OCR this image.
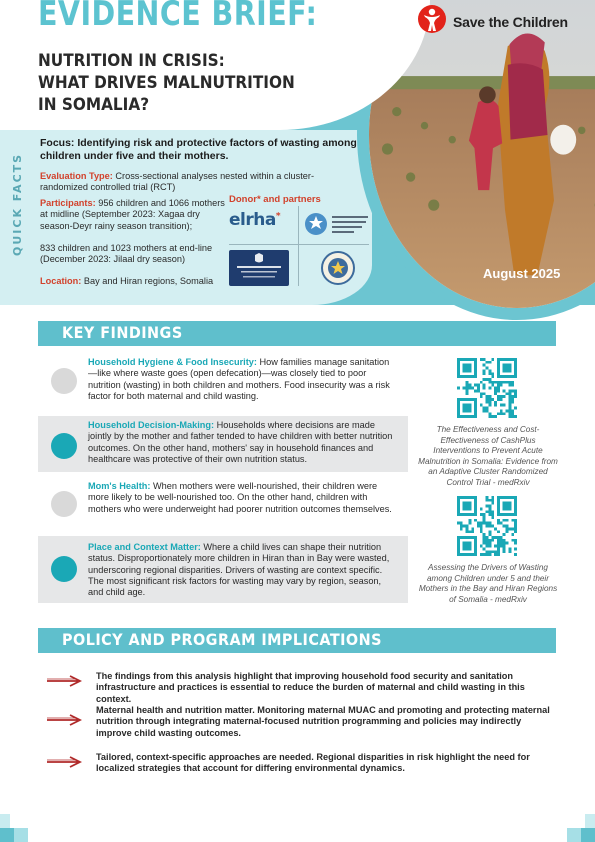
EVIDENCE BRIEF:
NUTRITION IN CRISIS:
WHAT DRIVES MALNUTRITION
IN SOMALIA?
Save the Children
August 2025
QUICK FACTS
Focus: Identifying risk and protective factors of wasting among children under five and their mothers.
Evaluation Type: Cross-sectional analyses nested within a cluster-randomized controlled trial (RCT)
Participants: 956 children and 1066 mothers at midline (September 2023: Xagaa dry season-Deyr rainy season transition);
833 children and 1023 mothers at end-line (December 2023: Jilaal dry season)
Location: Bay and Hiran regions, Somalia
Donor* and partners
elrha*
KEY FINDINGS
Household Hygiene & Food Insecurity: How families manage sanitation—like where waste goes (open defecation)—was closely tied to poor nutrition (wasting) in both children and mothers. Food insecurity was a risk factor for both maternal and child wasting.
Household Decision-Making: Households where decisions are made jointly by the mother and father tended to have children with better nutrition outcomes. On the other hand, mothers' say in household finances and healthcare was protective of their own nutrition status.
Mom's Health: When mothers were well-nourished, their children were more likely to be well-nourished too. On the other hand, children with mothers who were underweight had poorer nutrition outcomes themselves.
Place and Context Matter: Where a child lives can shape their nutrition status. Disproportionately more children in Hiran than in Bay were wasted, underscoring regional disparities. Drivers of wasting are context specific. The most significant risk factors for wasting may vary by region, season, and child age.
The Effectiveness and Cost-Effectiveness of CashPlus Interventions to Prevent Acute Malnutrition in Somalia: Evidence from an Adaptive Cluster Randomized Control Trial - medRxiv
Assessing the Drivers of Wasting among Children under 5 and their Mothers in the Bay and Hiran Regions of Somalia - medRxiv
POLICY AND PROGRAM IMPLICATIONS
The findings from this analysis highlight that improving household food security and sanitation infrastructure and practices is essential to reduce the burden of maternal and child wasting in this context.
Maternal health and nutrition matter. Monitoring maternal MUAC and promoting and protecting maternal nutrition through integrating maternal-focused nutrition programming and policies may indirectly improve child wasting outcomes.
Tailored, context-specific approaches are needed. Regional disparities in risk highlight the need for localized strategies that account for differing environmental dynamics.
